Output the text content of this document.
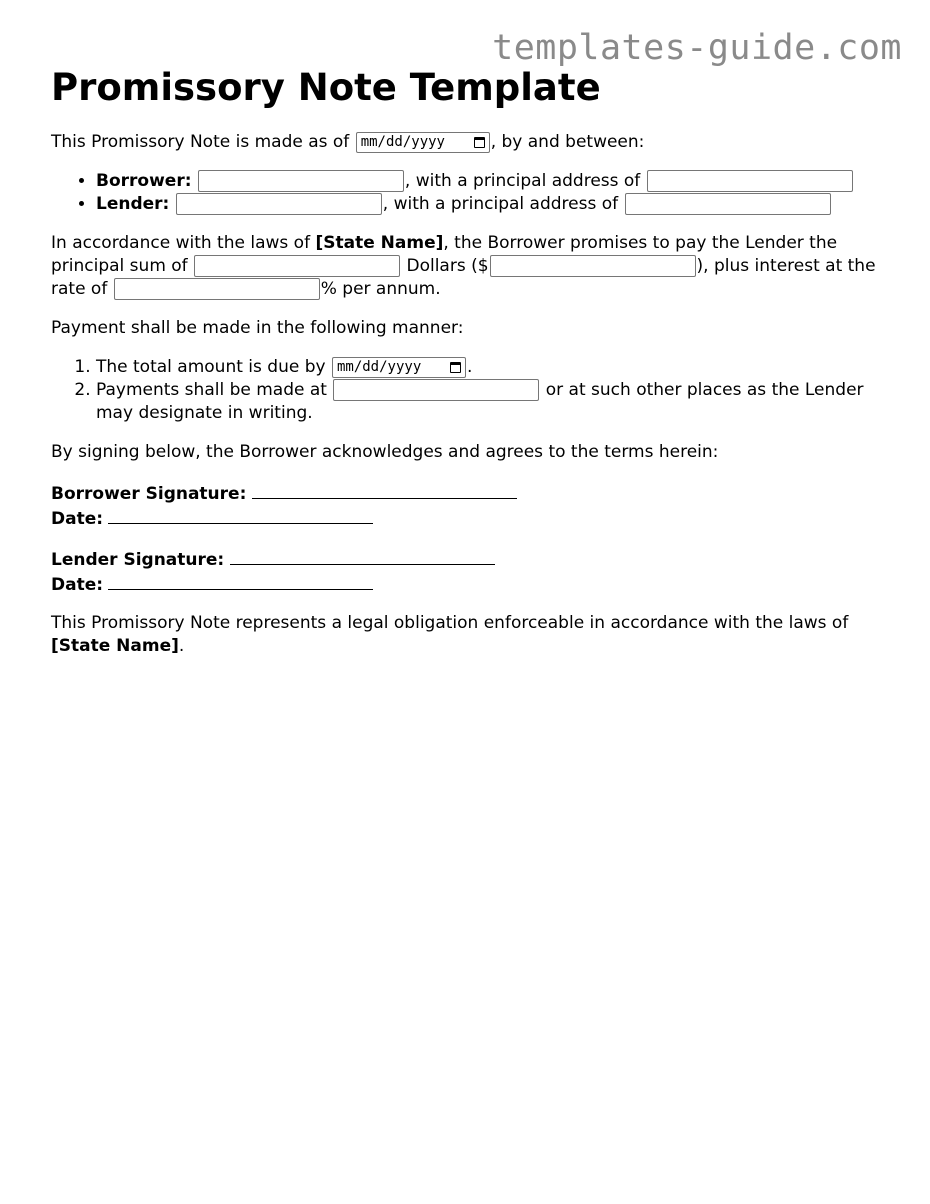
templates-guide.com
Promissory Note Template

This Promissory Note is made as of mm/dd/yyyy	, by and between:

• Borrower:	, with a principal address of
• Lender:	, with a principal address of

In accordance with the laws of [State Name], the Borrower promises to pay the Lender the principal sum of	Dollars ($	), plus interest at the rate of	% per annum.

Payment shall be made in the following manner:

1. The total amount is due by mm/dd/yyyy	.
2. Payments shall be made at	or at such other places as the Lender may designate in writing.

By signing below, the Borrower acknowledges and agrees to the terms herein:

Borrower Signature:
Date:
Lender Signature:
Date:

This Promissory Note represents a legal obligation enforceable in accordance with the laws of [State Name].
